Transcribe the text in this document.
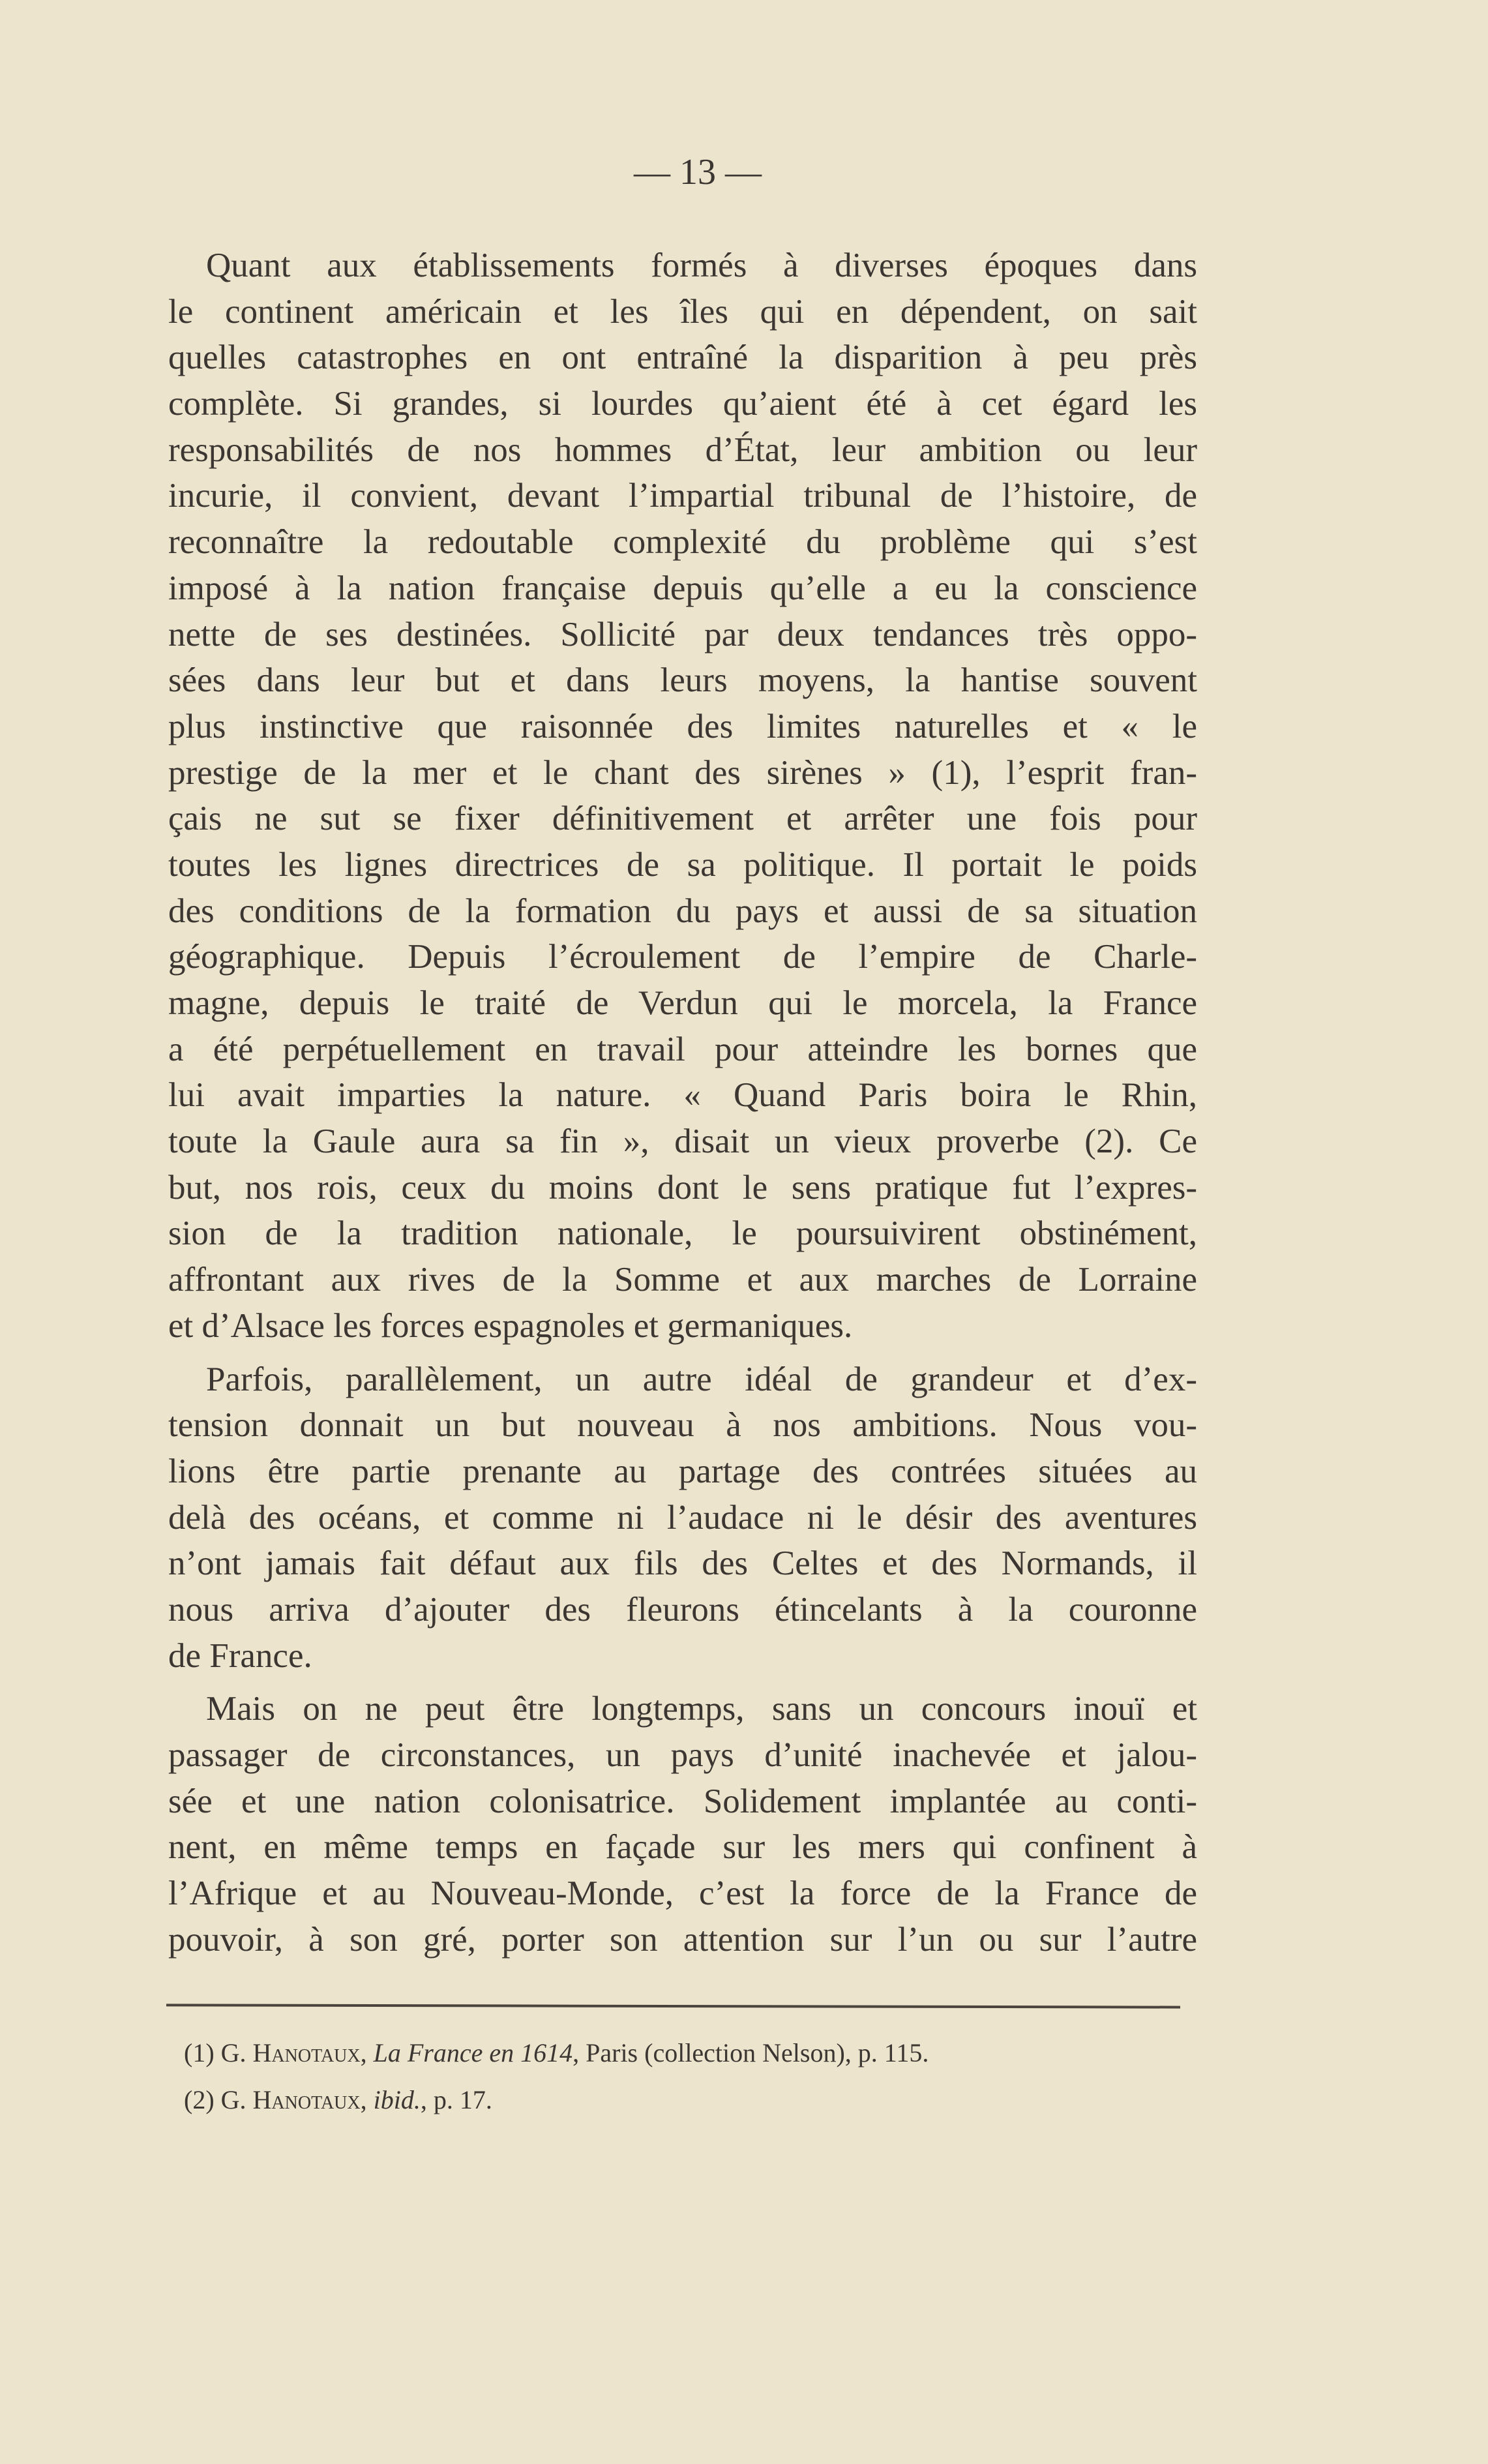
— 13 —
Quant aux établissements formés à diverses époques dans
le continent américain et les îles qui en dépendent, on sait
quelles catastrophes en ont entraîné la disparition à peu près
complète. Si grandes, si lourdes qu’aient été à cet égard les
responsabilités de nos hommes d’État, leur ambition ou leur
incurie, il convient, devant l’impartial tribunal de l’histoire, de
reconnaître la redoutable complexité du problème qui s’est
imposé à la nation française depuis qu’elle a eu la conscience
nette de ses destinées. Sollicité par deux tendances très oppo-
sées dans leur but et dans leurs moyens, la hantise souvent
plus instinctive que raisonnée des limites naturelles et « le
prestige de la mer et le chant des sirènes » (1), l’esprit fran-
çais ne sut se fixer définitivement et arrêter une fois pour
toutes les lignes directrices de sa politique. Il portait le poids
des conditions de la formation du pays et aussi de sa situation
géographique. Depuis l’écroulement de l’empire de Charle-
magne, depuis le traité de Verdun qui le morcela, la France
a été perpétuellement en travail pour atteindre les bornes que
lui avait imparties la nature. « Quand Paris boira le Rhin,
toute la Gaule aura sa fin », disait un vieux proverbe (2). Ce
but, nos rois, ceux du moins dont le sens pratique fut l’expres-
sion de la tradition nationale, le poursuivirent obstinément,
affrontant aux rives de la Somme et aux marches de Lorraine
et d’Alsace les forces espagnoles et germaniques.
Parfois, parallèlement, un autre idéal de grandeur et d’ex-
tension donnait un but nouveau à nos ambitions. Nous vou-
lions être partie prenante au partage des contrées situées au
delà des océans, et comme ni l’audace ni le désir des aventures
n’ont jamais fait défaut aux fils des Celtes et des Normands, il
nous arriva d’ajouter des fleurons étincelants à la couronne
de France.
Mais on ne peut être longtemps, sans un concours inouï et
passager de circonstances, un pays d’unité inachevée et jalou-
sée et une nation colonisatrice. Solidement implantée au conti-
nent, en même temps en façade sur les mers qui confinent à
l’Afrique et au Nouveau-Monde, c’est la force de la France de
pouvoir, à son gré, porter son attention sur l’un ou sur l’autre
(1) G. Hanotaux, La France en 1614, Paris (collection Nelson), p. 115.
(2) G. Hanotaux, ibid., p. 17.
